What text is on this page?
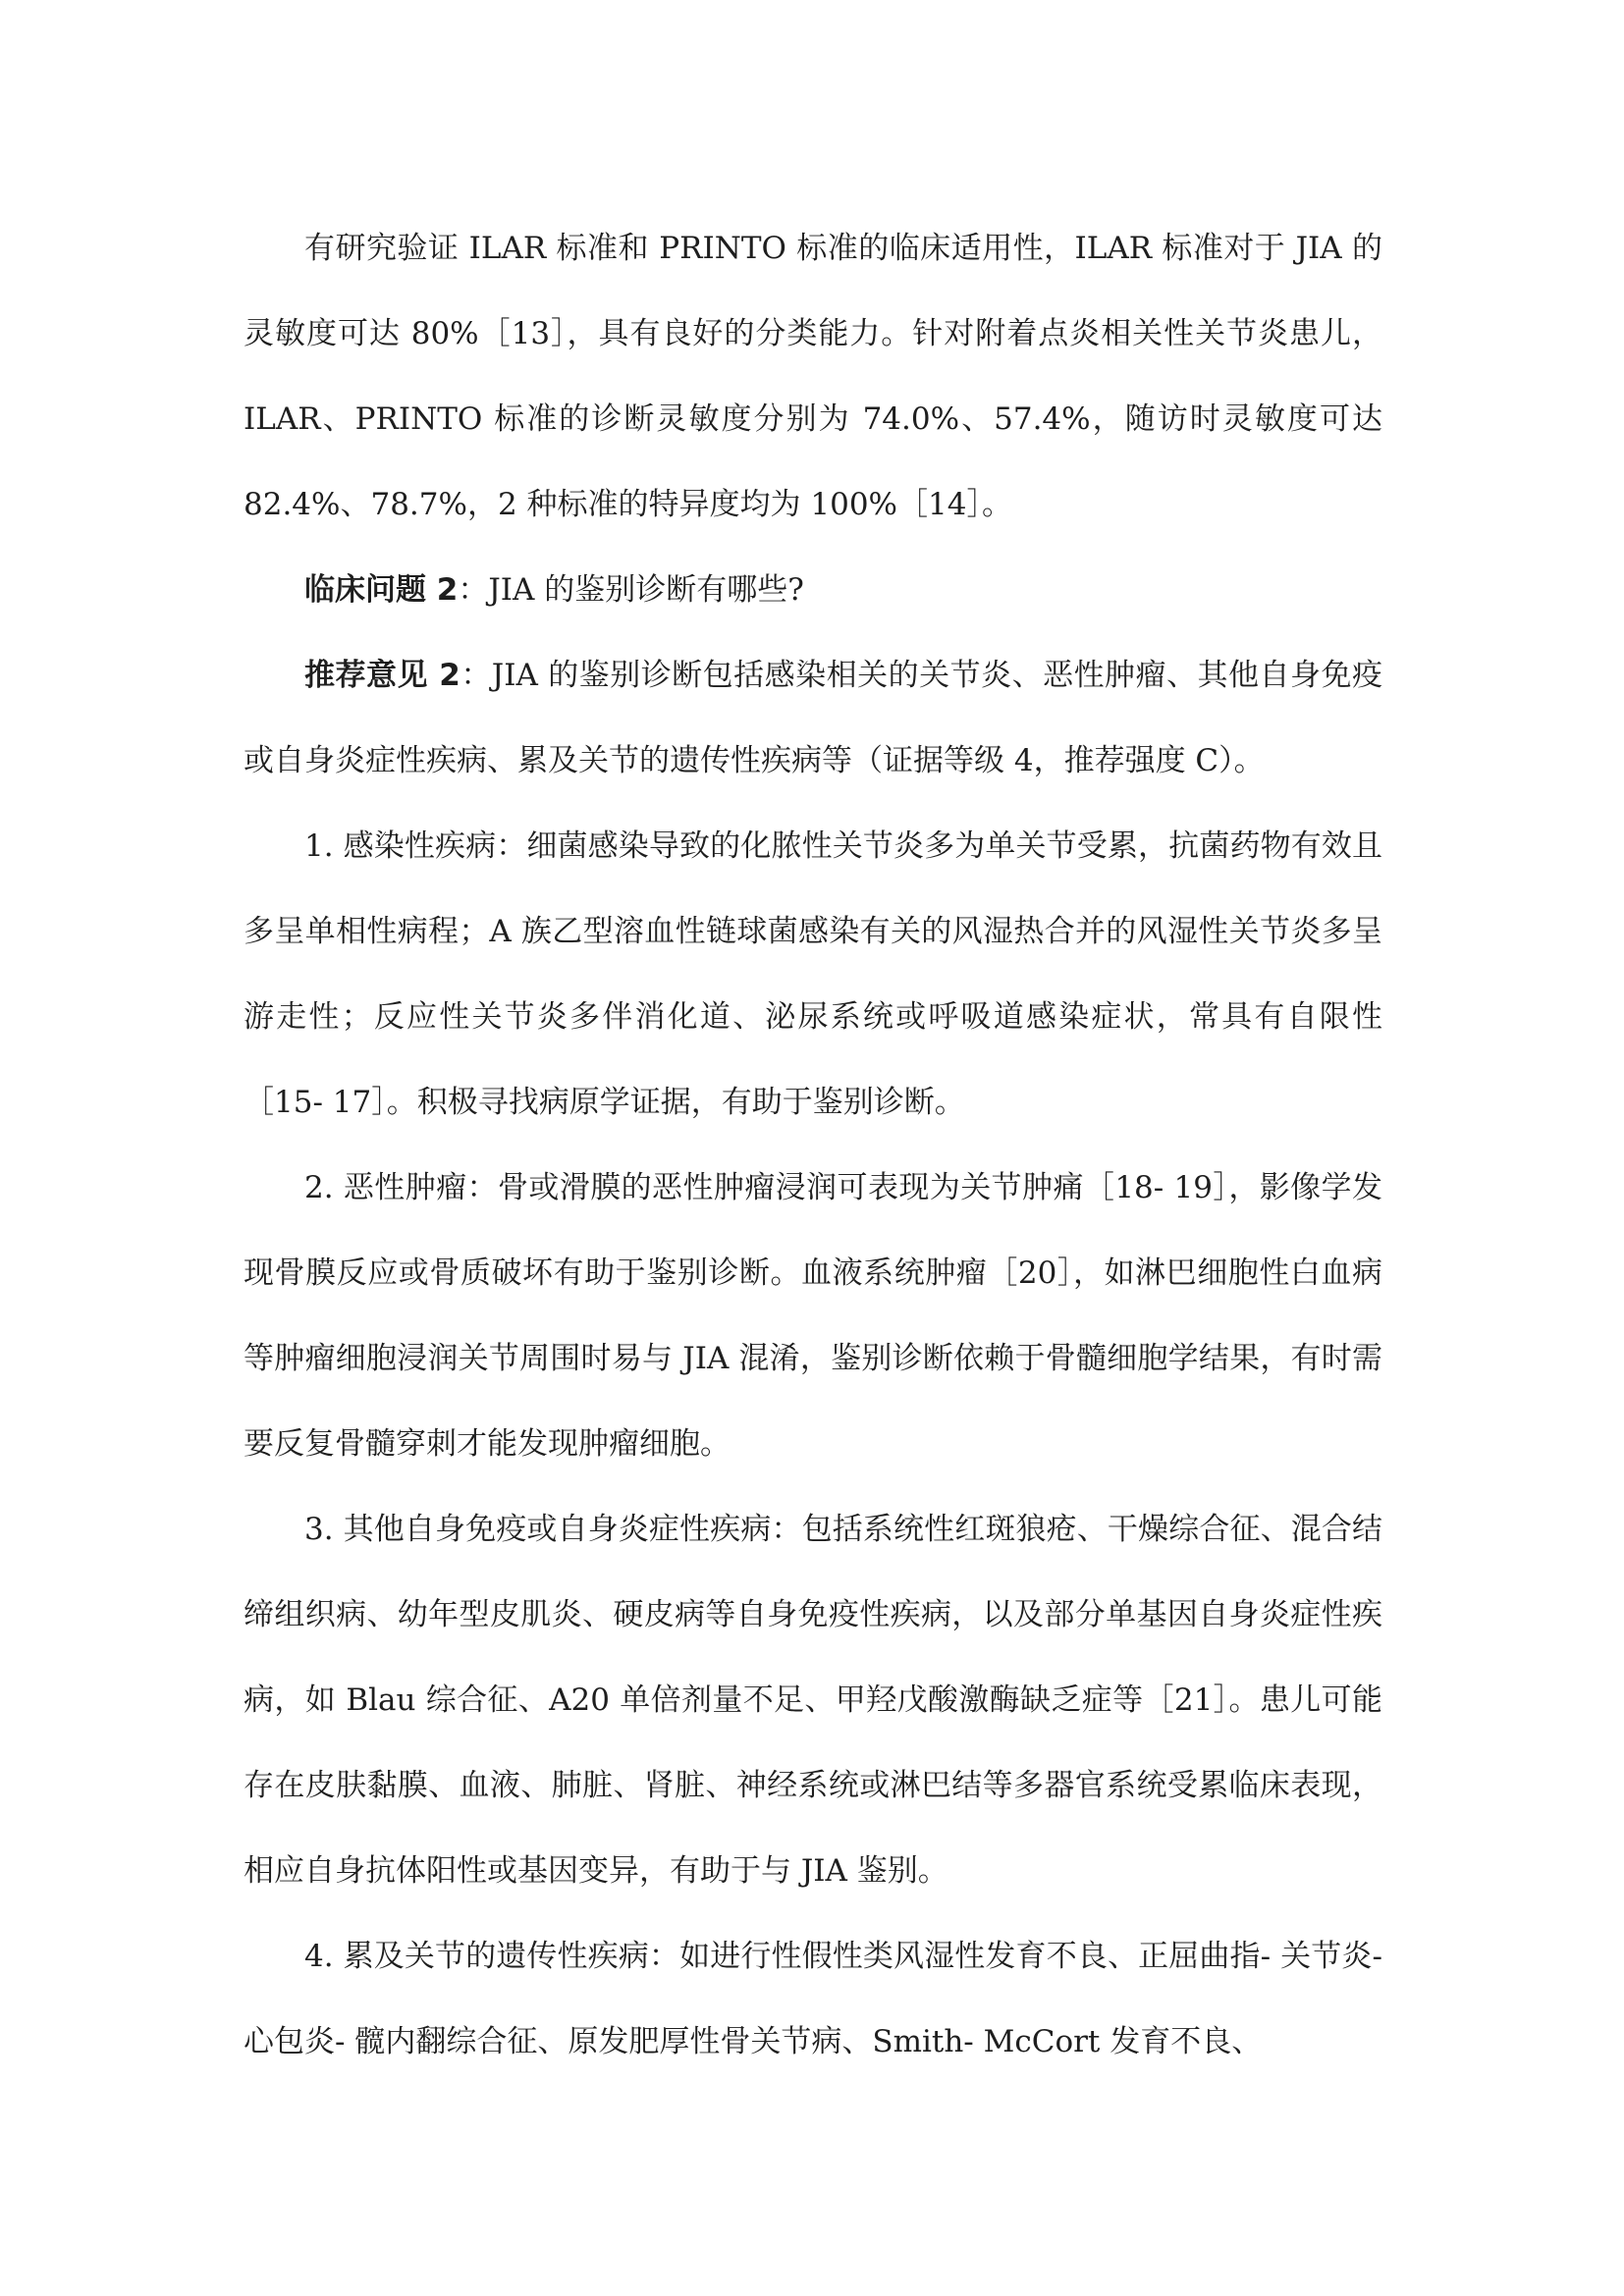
有研究验证 ILAR 标准和 PRINTO 标准的临床适用性，ILAR 标准对于 JIA 的灵敏度可达 80%［13］，具有良好的分类能力。针对附着点炎相关性关节炎患儿，ILAR、PRINTO 标准的诊断灵敏度分别为 74.0%、57.4%，随访时灵敏度可达 82.4%、78.7%，2 种标准的特异度均为 100%［14］。

临床问题 2：JIA 的鉴别诊断有哪些?

推荐意见 2：JIA 的鉴别诊断包括感染相关的关节炎、恶性肿瘤、其他自身免疫或自身炎症性疾病、累及关节的遗传性疾病等（证据等级 4，推荐强度 C）。

1. 感染性疾病：细菌感染导致的化脓性关节炎多为单关节受累，抗菌药物有效且多呈单相性病程；A 族乙型溶血性链球菌感染有关的风湿热合并的风湿性关节炎多呈游走性；反应性关节炎多伴消化道、泌尿系统或呼吸道感染症状，常具有自限性［15- 17］。积极寻找病原学证据，有助于鉴别诊断。

2. 恶性肿瘤：骨或滑膜的恶性肿瘤浸润可表现为关节肿痛［18- 19］，影像学发现骨膜反应或骨质破坏有助于鉴别诊断。血液系统肿瘤［20］，如淋巴细胞性白血病等肿瘤细胞浸润关节周围时易与 JIA 混淆，鉴别诊断依赖于骨髓细胞学结果，有时需要反复骨髓穿刺才能发现肿瘤细胞。

3. 其他自身免疫或自身炎症性疾病：包括系统性红斑狼疮、干燥综合征、混合结缔组织病、幼年型皮肌炎、硬皮病等自身免疫性疾病，以及部分单基因自身炎症性疾病，如 Blau 综合征、A20 单倍剂量不足、甲羟戊酸激酶缺乏症等［21］。患儿可能存在皮肤黏膜、血液、肺脏、肾脏、神经系统或淋巴结等多器官系统受累临床表现，相应自身抗体阳性或基因变异，有助于与 JIA 鉴别。

4. 累及关节的遗传性疾病：如进行性假性类风湿性发育不良、正屈曲指- 关节炎- 心包炎- 髋内翻综合征、原发肥厚性骨关节病、Smith- McCort 发育不良、
